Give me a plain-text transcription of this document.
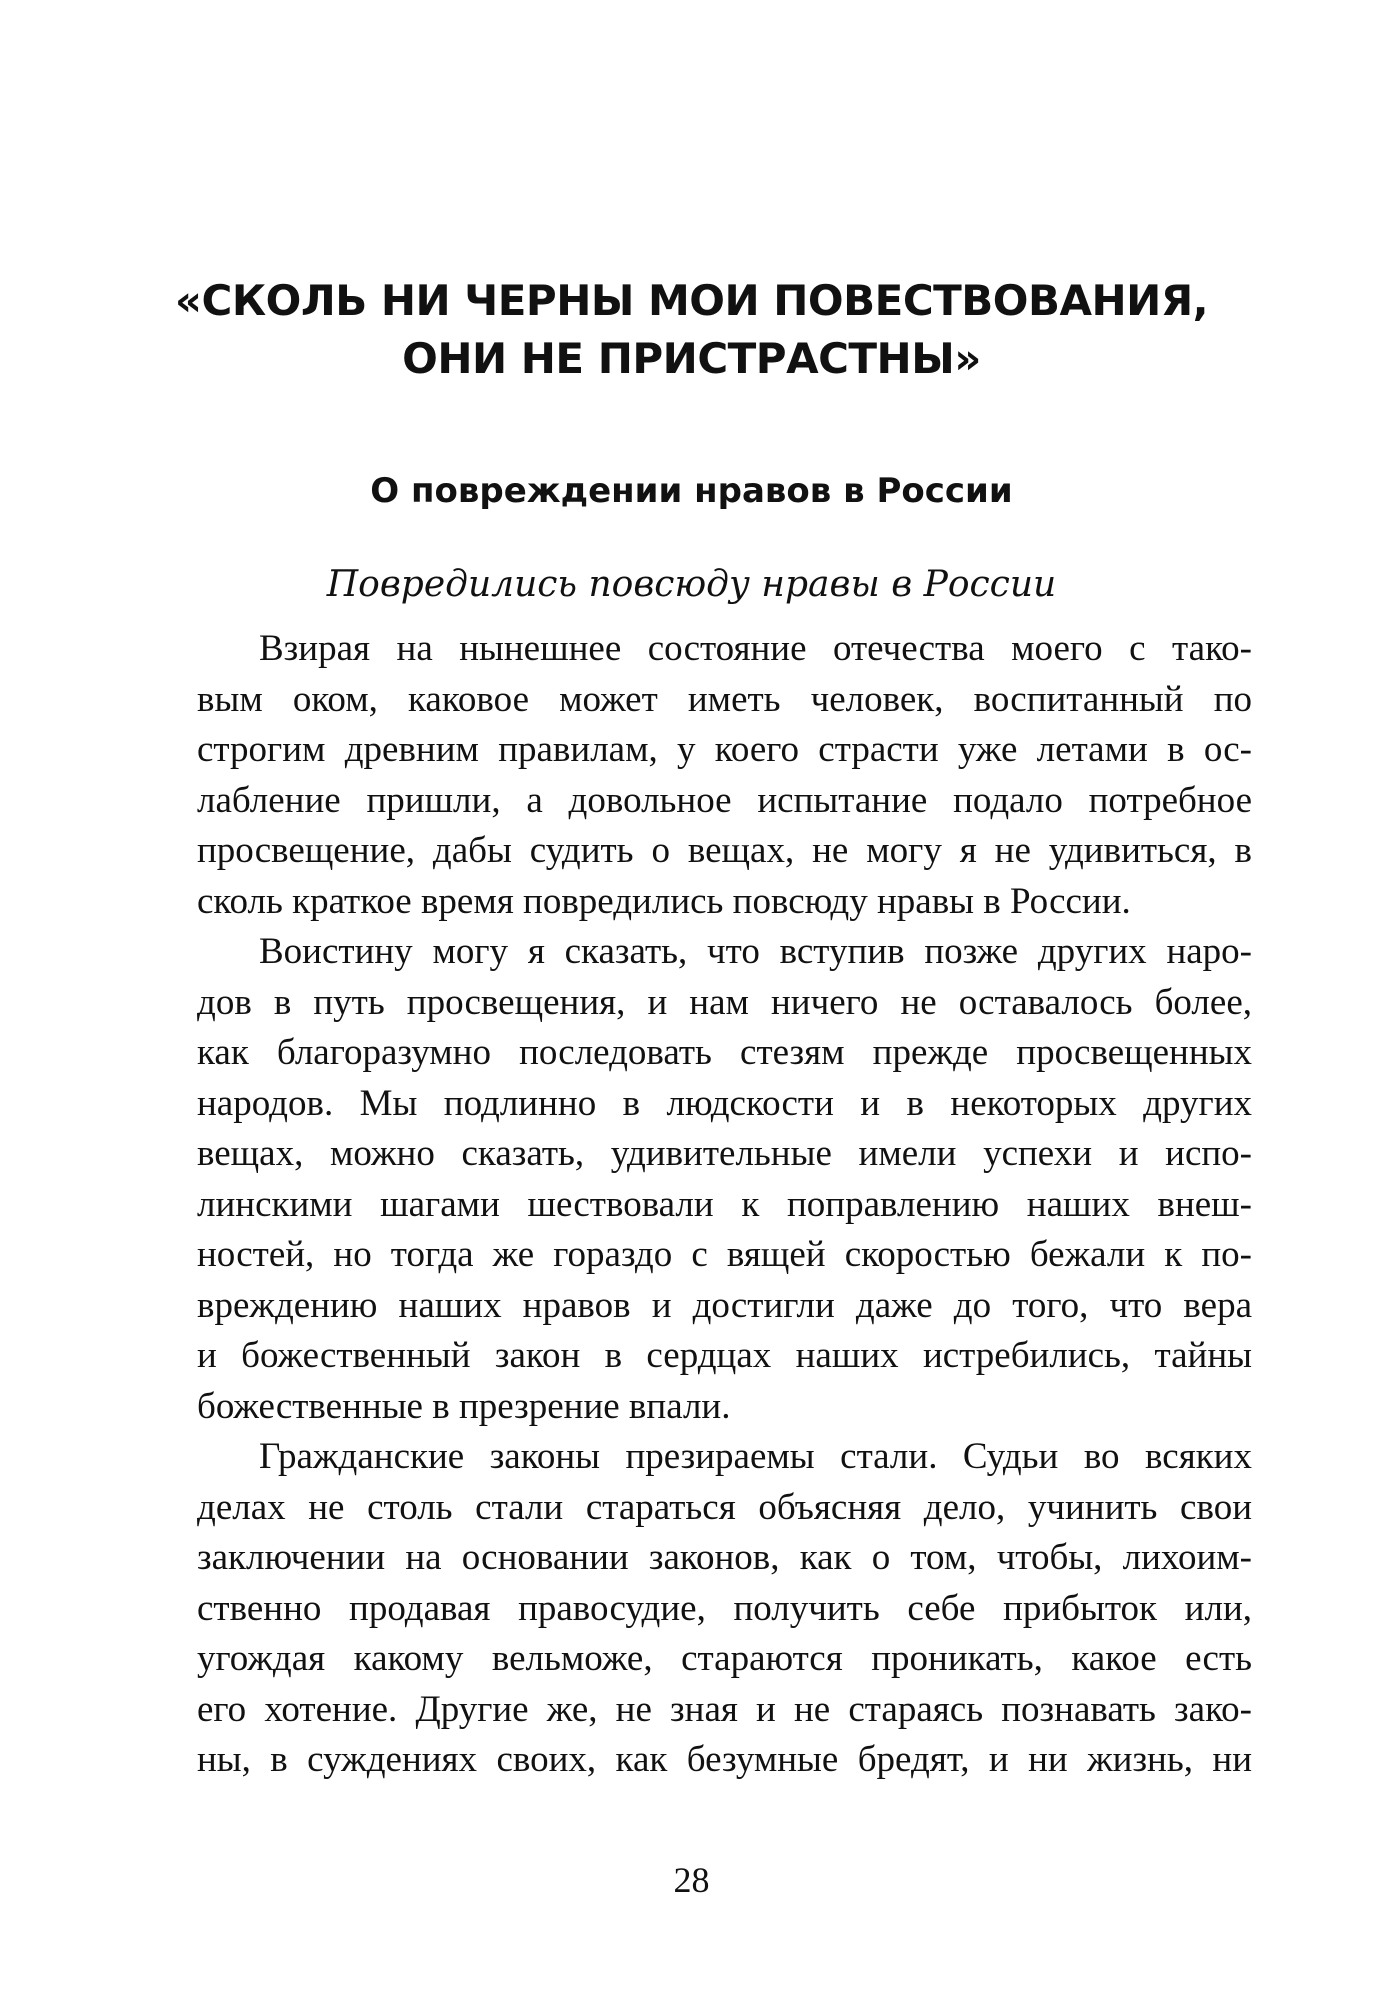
«СКОЛЬ НИ ЧЕРНЫ МОИ ПОВЕСТВОВАНИЯ,
ОНИ НЕ ПРИСТРАСТНЫ»
О повреждении нравов в России
Повредились повсюду нравы в России
Взирая на нынешнее состояние отечества моего с тако-
вым оком, каковое может иметь человек, воспитанный по
строгим древним правилам, у коего страсти уже летами в ос-
лабление пришли, а довольное испытание подало потребное
просвещение, дабы судить о вещах, не могу я не удивиться, в
сколь краткое время повредились повсюду нравы в России.
Воистину могу я сказать, что вступив позже других наро-
дов в путь просвещения, и нам ничего не оставалось более,
как благоразумно последовать стезям прежде просвещенных
народов. Мы подлинно в людскости и в некоторых других
вещах, можно сказать, удивительные имели успехи и испо-
линскими шагами шествовали к поправлению наших внеш-
ностей, но тогда же гораздо с вящей скоростью бежали к по-
вреждению наших нравов и достигли даже до того, что вера
и божественный закон в сердцах наших истребились, тайны
божественные в презрение впали.
Гражданские законы презираемы стали. Судьи во всяких
делах не столь стали стараться объясняя дело, учинить свои
заключении на основании законов, как о том, чтобы, лихоим-
ственно продавая правосудие, получить себе прибыток или,
угождая какому вельможе, стараются проникать, какое есть
его хотение. Другие же, не зная и не стараясь познавать зако-
ны, в суждениях своих, как безумные бредят, и ни жизнь, ни
28
